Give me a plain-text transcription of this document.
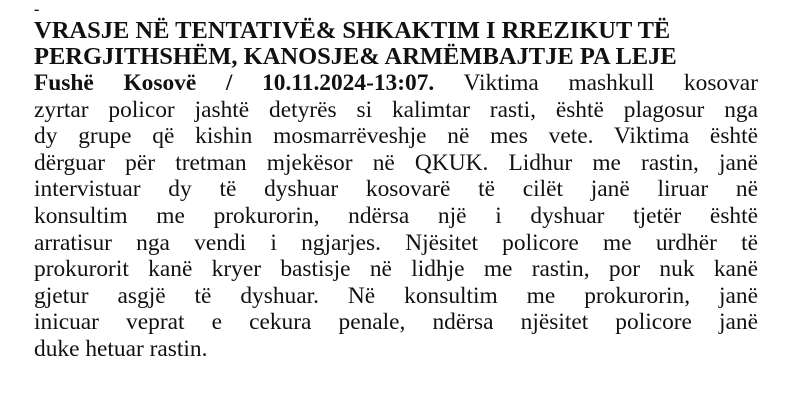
-
VRASJE NË TENTATIVË& SHKAKTIM I RREZIKUT TË
PERGJITHSHËM, KANOSJE& ARMËMBAJTJE PA LEJE

Fushë Kosovë / 10.11.2024-13:07. Viktima mashkull kosovar
zyrtar policor jashtë detyrës si kalimtar rasti, është plagosur nga
dy grupe që kishin mosmarrëveshje në mes vete. Viktima është
dërguar për tretman mjekësor në QKUK. Lidhur me rastin, janë
intervistuar dy të dyshuar kosovarë të cilët janë liruar në
konsultim me prokurorin, ndërsa një i dyshuar tjetër është
arratisur nga vendi i ngjarjes. Njësitet policore me urdhër të
prokurorit kanë kryer bastisje në lidhje me rastin, por nuk kanë
gjetur asgjë të dyshuar. Në konsultim me prokurorin, janë
inicuar veprat e cekura penale, ndërsa njësitet policore janë
duke hetuar rastin.
